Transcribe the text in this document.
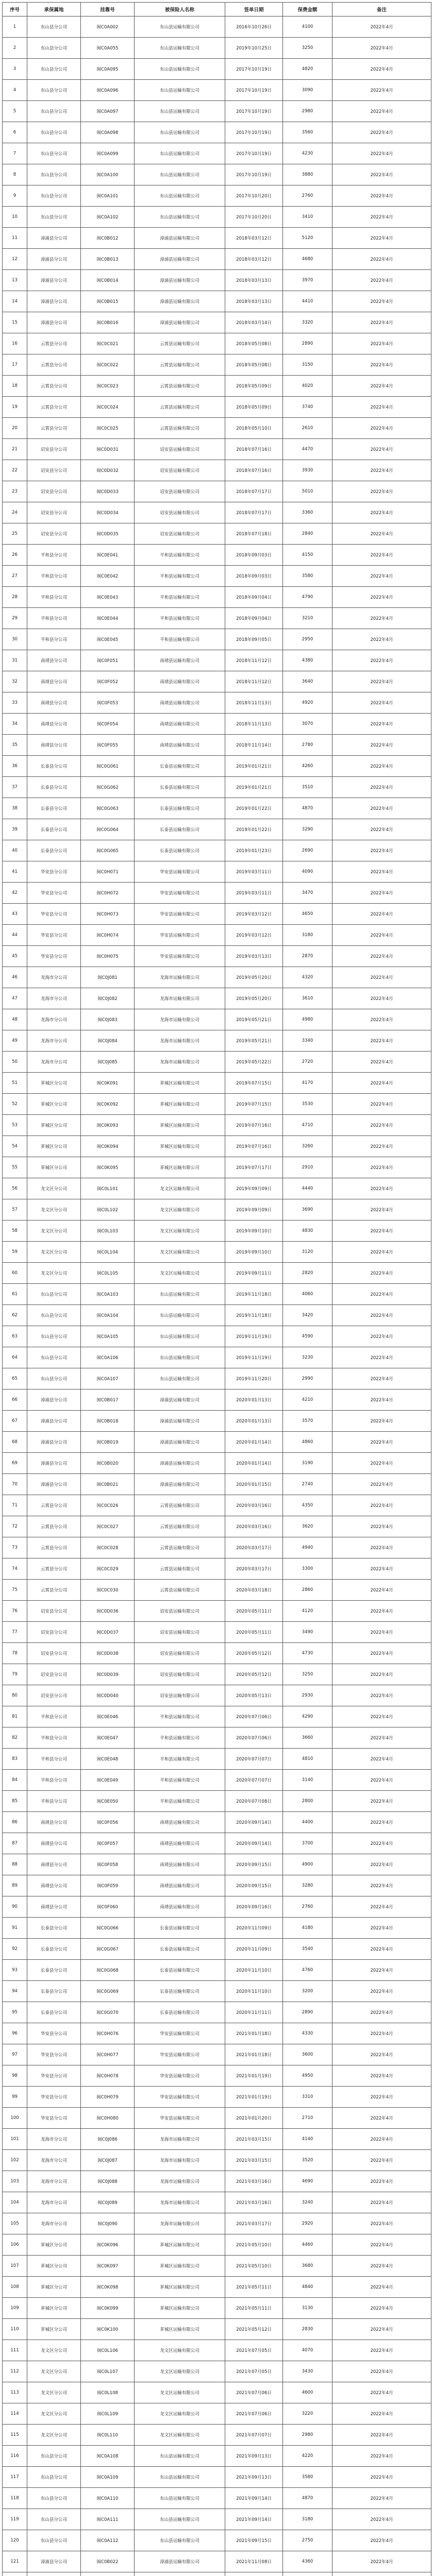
序号	承保属地	挂靠号	被保险人名称	签单日期	保费金额	备注
1	东山县分公司	闽C0A002	东山县运输有限公司	2016年10月26日	4100	2022年4月
2	东山县分公司	闽C0A055	东山县运输有限公司	2019年10月25日	3250	2022年4月
3	东山县分公司	闽C0A095	东山县运输有限公司	2017年10月19日	4820	2022年4月
4	东山县分公司	闽C0A096	东山县运输有限公司	2017年10月19日	3090	2022年4月
5	东山县分公司	闽C0A097	东山县运输有限公司	2017年10月19日	2980	2022年4月
6	东山县分公司	闽C0A098	东山县运输有限公司	2017年10月19日	3560	2022年4月
7	东山县分公司	闽C0A099	东山县运输有限公司	2017年10月19日	4230	2022年4月
8	东山县分公司	闽C0A100	东山县运输有限公司	2017年10月19日	3880	2022年4月
9	东山县分公司	闽C0A101	东山县运输有限公司	2017年10月20日	2760	2022年4月
10	东山县分公司	闽C0A102	东山县运输有限公司	2017年10月20日	3410	2022年4月
11	漳浦县分公司	闽C0B012	漳浦县运输有限公司	2018年03月12日	5120	2022年4月
12	漳浦县分公司	闽C0B013	漳浦县运输有限公司	2018年03月12日	4680	2022年4月
13	漳浦县分公司	闽C0B014	漳浦县运输有限公司	2018年03月13日	3970	2022年4月
14	漳浦县分公司	闽C0B015	漳浦县运输有限公司	2018年03月13日	4410	2022年4月
15	漳浦县分公司	闽C0B016	漳浦县运输有限公司	2018年03月14日	3320	2022年4月
16	云霄县分公司	闽C0C021	云霄县运输有限公司	2018年05月08日	2890	2022年4月
17	云霄县分公司	闽C0C022	云霄县运输有限公司	2018年05月08日	3150	2022年4月
18	云霄县分公司	闽C0C023	云霄县运输有限公司	2018年05月09日	4020	2022年4月
19	云霄县分公司	闽C0C024	云霄县运输有限公司	2018年05月09日	3740	2022年4月
20	云霄县分公司	闽C0C025	云霄县运输有限公司	2018年05月10日	2610	2022年4月
21	诏安县分公司	闽C0D031	诏安县运输有限公司	2018年07月16日	4470	2022年4月
22	诏安县分公司	闽C0D032	诏安县运输有限公司	2018年07月16日	3930	2022年4月
23	诏安县分公司	闽C0D033	诏安县运输有限公司	2018年07月17日	5010	2022年4月
24	诏安县分公司	闽C0D034	诏安县运输有限公司	2018年07月17日	3360	2022年4月
25	诏安县分公司	闽C0D035	诏安县运输有限公司	2018年07月18日	2840	2022年4月
26	平和县分公司	闽C0E041	平和县运输有限公司	2018年09月03日	4150	2022年4月
27	平和县分公司	闽C0E042	平和县运输有限公司	2018年09月03日	3580	2022年4月
28	平和县分公司	闽C0E043	平和县运输有限公司	2018年09月04日	4790	2022年4月
29	平和县分公司	闽C0E044	平和县运输有限公司	2018年09月04日	3210	2022年4月
30	平和县分公司	闽C0E045	平和县运输有限公司	2018年09月05日	2950	2022年4月
31	南靖县分公司	闽C0F051	南靖县运输有限公司	2018年11月12日	4380	2022年4月
32	南靖县分公司	闽C0F052	南靖县运输有限公司	2018年11月12日	3640	2022年4月
33	南靖县分公司	闽C0F053	南靖县运输有限公司	2018年11月13日	4920	2022年4月
34	南靖县分公司	闽C0F054	南靖县运输有限公司	2018年11月13日	3070	2022年4月
35	南靖县分公司	闽C0F055	南靖县运输有限公司	2018年11月14日	2780	2022年4月
36	长泰县分公司	闽C0G061	长泰县运输有限公司	2019年01月21日	4260	2022年4月
37	长泰县分公司	闽C0G062	长泰县运输有限公司	2019年01月21日	3510	2022年4月
38	长泰县分公司	闽C0G063	长泰县运输有限公司	2019年01月22日	4870	2022年4月
39	长泰县分公司	闽C0G064	长泰县运输有限公司	2019年01月22日	3290	2022年4月
40	长泰县分公司	闽C0G065	长泰县运输有限公司	2019年01月23日	2690	2022年4月
41	华安县分公司	闽C0H071	华安县运输有限公司	2019年03月11日	4090	2022年4月
42	华安县分公司	闽C0H072	华安县运输有限公司	2019年03月11日	3470	2022年4月
43	华安县分公司	闽C0H073	华安县运输有限公司	2019年03月12日	4650	2022年4月
44	华安县分公司	闽C0H074	华安县运输有限公司	2019年03月12日	3180	2022年4月
45	华安县分公司	闽C0H075	华安县运输有限公司	2019年03月13日	2870	2022年4月
46	龙海市分公司	闽C0J081	龙海市运输有限公司	2019年05月20日	4320	2022年4月
47	龙海市分公司	闽C0J082	龙海市运输有限公司	2019年05月20日	3610	2022年4月
48	龙海市分公司	闽C0J083	龙海市运输有限公司	2019年05月21日	4980	2022年4月
49	龙海市分公司	闽C0J084	龙海市运输有限公司	2019年05月21日	3340	2022年4月
50	龙海市分公司	闽C0J085	龙海市运输有限公司	2019年05月22日	2720	2022年4月
51	芗城区分公司	闽C0K091	芗城区运输有限公司	2019年07月15日	4170	2022年4月
52	芗城区分公司	闽C0K092	芗城区运输有限公司	2019年07月15日	3530	2022年4月
53	芗城区分公司	闽C0K093	芗城区运输有限公司	2019年07月16日	4710	2022年4月
54	芗城区分公司	闽C0K094	芗城区运输有限公司	2019年07月16日	3260	2022年4月
55	芗城区分公司	闽C0K095	芗城区运输有限公司	2019年07月17日	2910	2022年4月
56	龙文区分公司	闽C0L101	龙文区运输有限公司	2019年09月09日	4440	2022年4月
57	龙文区分公司	闽C0L102	龙文区运输有限公司	2019年09月09日	3690	2022年4月
58	龙文区分公司	闽C0L103	龙文区运输有限公司	2019年09月10日	4830	2022年4月
59	龙文区分公司	闽C0L104	龙文区运输有限公司	2019年09月10日	3120	2022年4月
60	龙文区分公司	闽C0L105	龙文区运输有限公司	2019年09月11日	2820	2022年4月
61	东山县分公司	闽C0A103	东山县运输有限公司	2019年11月18日	4060	2022年4月
62	东山县分公司	闽C0A104	东山县运输有限公司	2019年11月18日	3420	2022年4月
63	东山县分公司	闽C0A105	东山县运输有限公司	2019年11月19日	4590	2022年4月
64	东山县分公司	闽C0A106	东山县运输有限公司	2019年11月19日	3230	2022年4月
65	东山县分公司	闽C0A107	东山县运输有限公司	2019年11月20日	2990	2022年4月
66	漳浦县分公司	闽C0B017	漳浦县运输有限公司	2020年01月13日	4210	2022年4月
67	漳浦县分公司	闽C0B018	漳浦县运输有限公司	2020年01月13日	3570	2022年4月
68	漳浦县分公司	闽C0B019	漳浦县运输有限公司	2020年01月14日	4860	2022年4月
69	漳浦县分公司	闽C0B020	漳浦县运输有限公司	2020年01月14日	3190	2022年4月
70	漳浦县分公司	闽C0B021	漳浦县运输有限公司	2020年01月15日	2740	2022年4月
71	云霄县分公司	闽C0C026	云霄县运输有限公司	2020年03月16日	4350	2022年4月
72	云霄县分公司	闽C0C027	云霄县运输有限公司	2020年03月16日	3620	2022年4月
73	云霄县分公司	闽C0C028	云霄县运输有限公司	2020年03月17日	4940	2022年4月
74	云霄县分公司	闽C0C029	云霄县运输有限公司	2020年03月17日	3300	2022年4月
75	云霄县分公司	闽C0C030	云霄县运输有限公司	2020年03月18日	2860	2022年4月
76	诏安县分公司	闽C0D036	诏安县运输有限公司	2020年05月11日	4120	2022年4月
77	诏安县分公司	闽C0D037	诏安县运输有限公司	2020年05月11日	3490	2022年4月
78	诏安县分公司	闽C0D038	诏安县运输有限公司	2020年05月12日	4730	2022年4月
79	诏安县分公司	闽C0D039	诏安县运输有限公司	2020年05月12日	3250	2022年4月
80	诏安县分公司	闽C0D040	诏安县运输有限公司	2020年05月13日	2930	2022年4月
81	平和县分公司	闽C0E046	平和县运输有限公司	2020年07月06日	4290	2022年4月
82	平和县分公司	闽C0E047	平和县运输有限公司	2020年07月06日	3660	2022年4月
83	平和县分公司	闽C0E048	平和县运输有限公司	2020年07月07日	4810	2022年4月
84	平和县分公司	闽C0E049	平和县运输有限公司	2020年07月07日	3140	2022年4月
85	平和县分公司	闽C0E050	平和县运输有限公司	2020年07月08日	2800	2022年4月
86	南靖县分公司	闽C0F056	南靖县运输有限公司	2020年09月14日	4400	2022年4月
87	南靖县分公司	闽C0F057	南靖县运输有限公司	2020年09月14日	3700	2022年4月
88	南靖县分公司	闽C0F058	南靖县运输有限公司	2020年09月15日	4900	2022年4月
89	南靖县分公司	闽C0F059	南靖县运输有限公司	2020年09月15日	3280	2022年4月
90	南靖县分公司	闽C0F060	南靖县运输有限公司	2020年09月16日	2760	2022年4月
91	长泰县分公司	闽C0G066	长泰县运输有限公司	2020年11月09日	4180	2022年4月
92	长泰县分公司	闽C0G067	长泰县运输有限公司	2020年11月09日	3540	2022年4月
93	长泰县分公司	闽C0G068	长泰县运输有限公司	2020年11月10日	4760	2022年4月
94	长泰县分公司	闽C0G069	长泰县运输有限公司	2020年11月10日	3200	2022年4月
95	长泰县分公司	闽C0G070	长泰县运输有限公司	2020年11月11日	2890	2022年4月
96	华安县分公司	闽C0H076	华安县运输有限公司	2021年01月18日	4330	2022年4月
97	华安县分公司	闽C0H077	华安县运输有限公司	2021年01月18日	3600	2022年4月
98	华安县分公司	闽C0H078	华安县运输有限公司	2021年01月19日	4950	2022年4月
99	华安县分公司	闽C0H079	华安县运输有限公司	2021年01月19日	3310	2022年4月
100	华安县分公司	闽C0H080	华安县运输有限公司	2021年01月20日	2710	2022年4月
101	龙海市分公司	闽C0J086	龙海市运输有限公司	2021年03月15日	4140	2022年4月
102	龙海市分公司	闽C0J087	龙海市运输有限公司	2021年03月15日	3520	2022年4月
103	龙海市分公司	闽C0J088	龙海市运输有限公司	2021年03月16日	4690	2022年4月
104	龙海市分公司	闽C0J089	龙海市运输有限公司	2021年03月16日	3240	2022年4月
105	龙海市分公司	闽C0J090	龙海市运输有限公司	2021年03月17日	2920	2022年4月
106	芗城区分公司	闽C0K096	芗城区运输有限公司	2021年05月10日	4460	2022年4月
107	芗城区分公司	闽C0K097	芗城区运输有限公司	2021年05月10日	3680	2022年4月
108	芗城区分公司	闽C0K098	芗城区运输有限公司	2021年05月11日	4840	2022年4月
109	芗城区分公司	闽C0K099	芗城区运输有限公司	2021年05月11日	3130	2022年4月
110	芗城区分公司	闽C0K100	芗城区运输有限公司	2021年05月12日	2830	2022年4月
111	龙文区分公司	闽C0L106	龙文区运输有限公司	2021年07月05日	4070	2022年4月
112	龙文区分公司	闽C0L107	龙文区运输有限公司	2021年07月05日	3430	2022年4月
113	龙文区分公司	闽C0L108	龙文区运输有限公司	2021年07月06日	4600	2022年4月
114	龙文区分公司	闽C0L109	龙文区运输有限公司	2021年07月06日	3220	2022年4月
115	龙文区分公司	闽C0L110	龙文区运输有限公司	2021年07月07日	2980	2022年4月
116	东山县分公司	闽C0A108	东山县运输有限公司	2021年09月13日	4220	2022年4月
117	东山县分公司	闽C0A109	东山县运输有限公司	2021年09月13日	3580	2022年4月
118	东山县分公司	闽C0A110	东山县运输有限公司	2021年09月14日	4870	2022年4月
119	东山县分公司	闽C0A111	东山县运输有限公司	2021年09月14日	3180	2022年4月
120	东山县分公司	闽C0A112	东山县运输有限公司	2021年09月15日	2750	2022年4月
121	漳浦县分公司	闽C0B022	漳浦县运输有限公司	2021年11月08日	4360	2022年4月
